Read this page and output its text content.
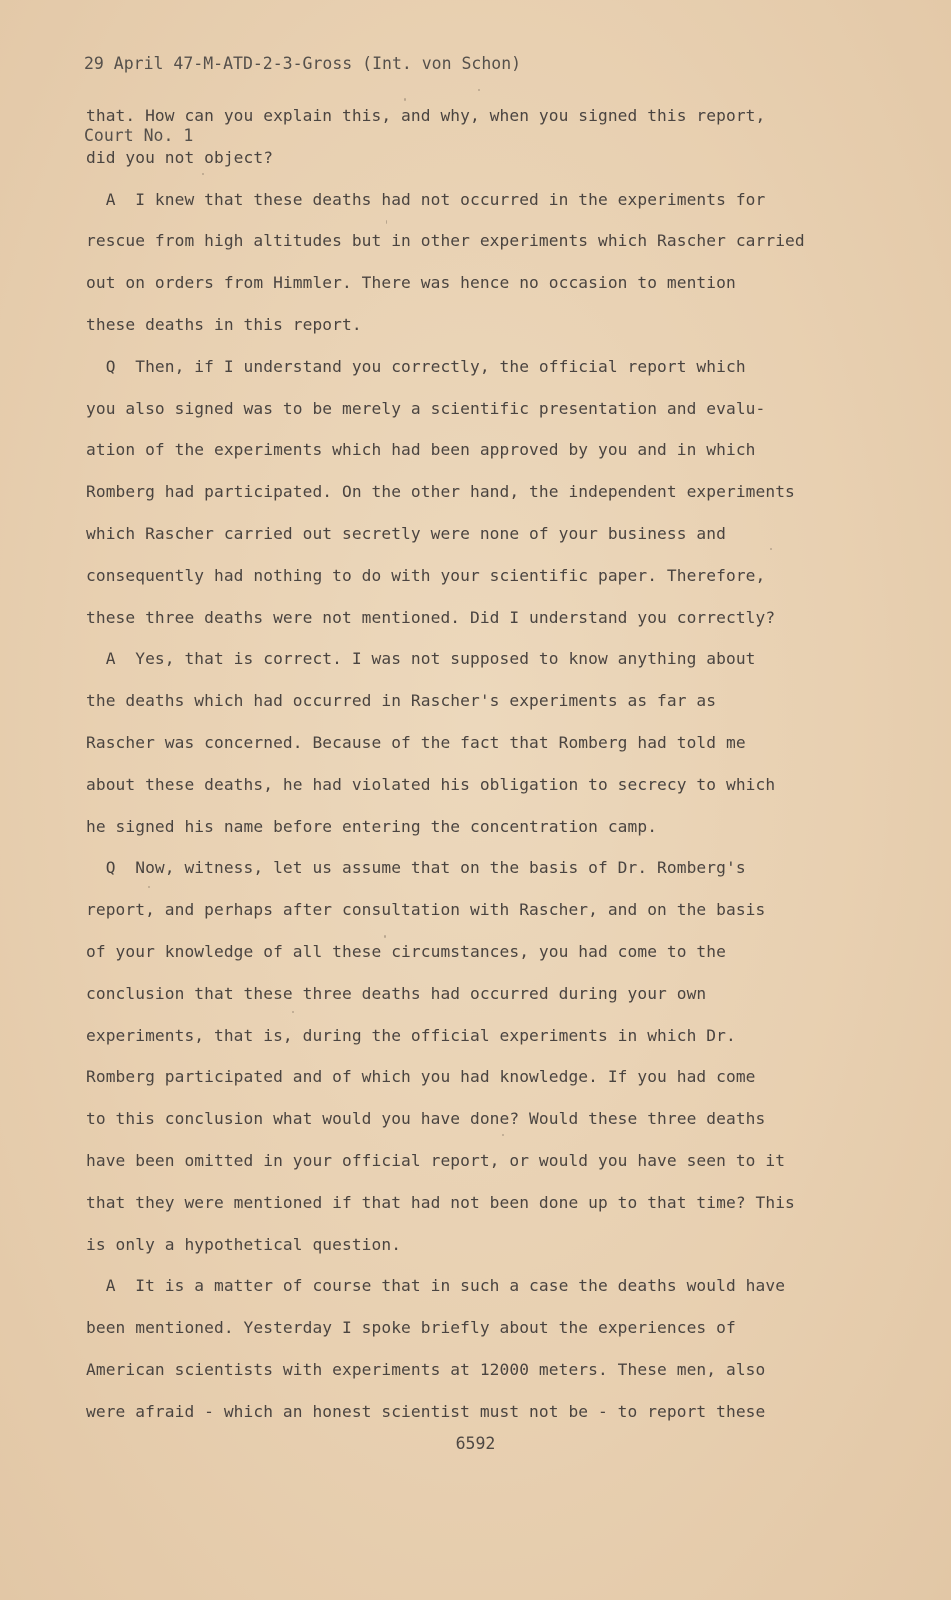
29 April 47-M-ATD-2-3-Gross (Int. von Schon)

Court No. 1

that. How can you explain this, and why, when you signed this report,
did you not object?
A  I knew that these deaths had not occurred in the experiments for
rescue from high altitudes but in other experiments which Rascher carried
out on orders from Himmler. There was hence no occasion to mention
these deaths in this report.
Q  Then, if I understand you correctly, the official report which
you also signed was to be merely a scientific presentation and evalu-
ation of the experiments which had been approved by you and in which
Romberg had participated. On the other hand, the independent experiments
which Rascher carried out secretly were none of your business and
consequently had nothing to do with your scientific paper. Therefore,
these three deaths were not mentioned. Did I understand you correctly?
A  Yes, that is correct. I was not supposed to know anything about
the deaths which had occurred in Rascher's experiments as far as
Rascher was concerned. Because of the fact that Romberg had told me
about these deaths, he had violated his obligation to secrecy to which
he signed his name before entering the concentration camp.
Q  Now, witness, let us assume that on the basis of Dr. Romberg's
report, and perhaps after consultation with Rascher, and on the basis
of your knowledge of all these circumstances, you had come to the
conclusion that these three deaths had occurred during your own
experiments, that is, during the official experiments in which Dr.
Romberg participated and of which you had knowledge. If you had come
to this conclusion what would you have done? Would these three deaths
have been omitted in your official report, or would you have seen to it
that they were mentioned if that had not been done up to that time? This
is only a hypothetical question.
A  It is a matter of course that in such a case the deaths would have
been mentioned. Yesterday I spoke briefly about the experiences of
American scientists with experiments at 12000 meters. These men, also
were afraid - which an honest scientist must not be - to report these
6592
